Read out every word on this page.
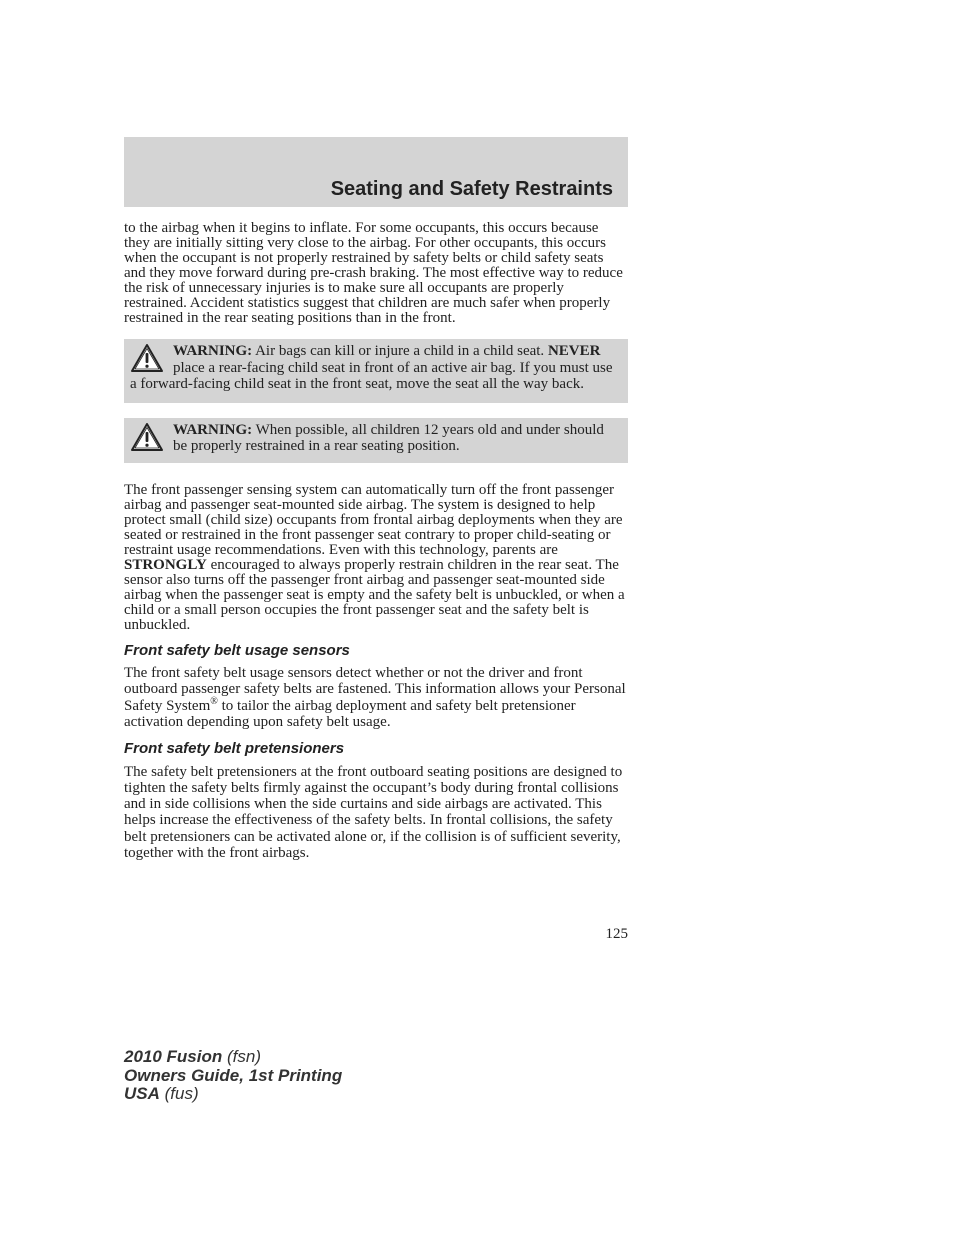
Seating and Safety Restraints

to the airbag when it begins to inflate. For some occupants, this occurs because they are initially sitting very close to the airbag. For other occupants, this occurs when the occupant is not properly restrained by safety belts or child safety seats and they move forward during pre-crash braking. The most effective way to reduce the risk of unnecessary injuries is to make sure all occupants are properly restrained. Accident statistics suggest that children are much safer when properly restrained in the rear seating positions than in the front.

WARNING: Air bags can kill or injure a child in a child seat. NEVER place a rear-facing child seat in front of an active air bag. If you must use a forward-facing child seat in the front seat, move the seat all the way back.

WARNING: When possible, all children 12 years old and under should be properly restrained in a rear seating position.

The front passenger sensing system can automatically turn off the front passenger airbag and passenger seat-mounted side airbag. The system is designed to help protect small (child size) occupants from frontal airbag deployments when they are seated or restrained in the front passenger seat contrary to proper child-seating or restraint usage recommendations. Even with this technology, parents are STRONGLY encouraged to always properly restrain children in the rear seat. The sensor also turns off the passenger front airbag and passenger seat-mounted side airbag when the passenger seat is empty and the safety belt is unbuckled, or when a child or a small person occupies the front passenger seat and the safety belt is unbuckled.

Front safety belt usage sensors

The front safety belt usage sensors detect whether or not the driver and front outboard passenger safety belts are fastened. This information allows your Personal Safety System® to tailor the airbag deployment and safety belt pretensioner activation depending upon safety belt usage.

Front safety belt pretensioners

The safety belt pretensioners at the front outboard seating positions are designed to tighten the safety belts firmly against the occupant’s body during frontal collisions and in side collisions when the side curtains and side airbags are activated. This helps increase the effectiveness of the safety belts. In frontal collisions, the safety belt pretensioners can be activated alone or, if the collision is of sufficient severity, together with the front airbags.

125
2010 Fusion (fsn)
Owners Guide, 1st Printing
USA (fus)
